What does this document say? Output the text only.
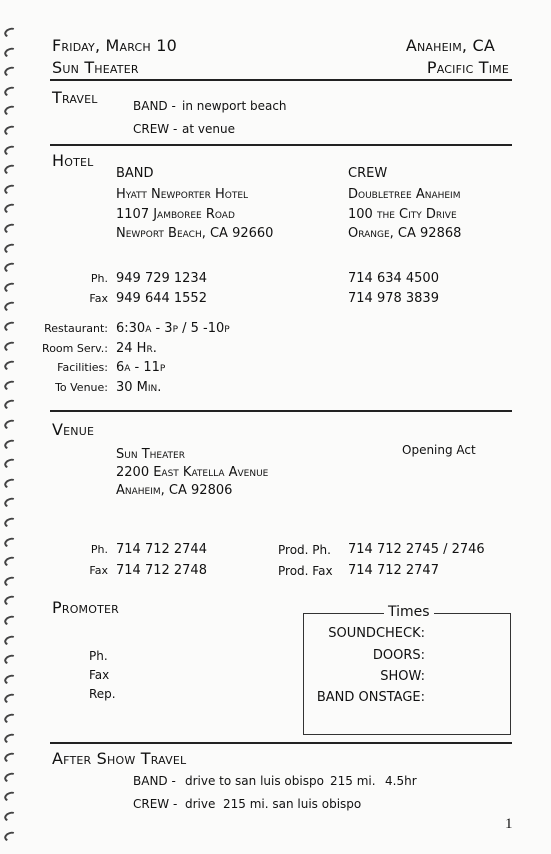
Friday, March 10
Sun Theater
Anaheim, CA
Pacific Time
Travel	BAND - in newport beach
CREW - at venue
Hotel
BAND	CREW
Hyatt Newporter Hotel
1107 Jamboree Road
Newport Beach, CA 92660
Doubletree Anaheim
100 the City Drive
Orange, CA 92868
Ph.
Fax
949 729 1234
949 644 1552
714 634 4500
714 978 3839
Restaurant: 6:30a - 3p / 5 -10p
Room Serv.: 24 Hr.
Facilities: 6a - 11p
To Venue: 30 Min.
Venue
Opening Act
Sun Theater
2200 East Katella Avenue
Anaheim, CA 92806
Ph. 714 712 2744
Fax 714 712 2748
Prod. Ph. 714 712 2745 / 2746
Prod. Fax 714 712 2747
Promoter
Ph.
Fax
Rep.
Times
SOUNDCHECK:
DOORS:
SHOW:
BAND ONSTAGE:
After Show Travel
BAND - drive to san luis obispo 215 mi. 4.5hr
CREW - drive  215 mi. san luis obispo
1
